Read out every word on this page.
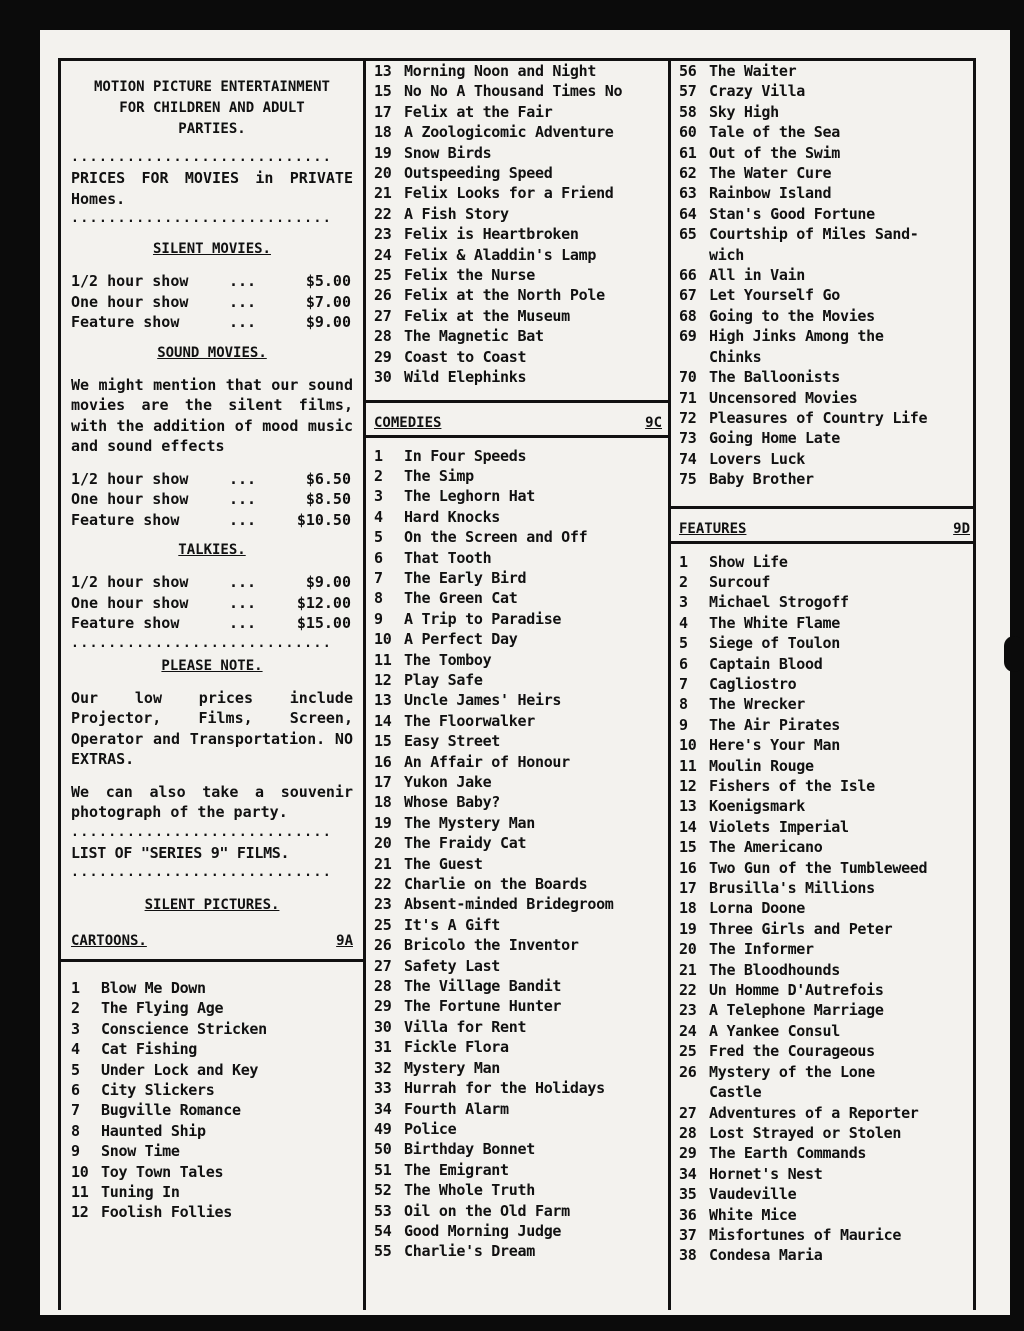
MOTION PICTURE ENTERTAINMENT
FOR CHILDREN AND ADULT
PARTIES.
............................
PRICES FOR MOVIES in PRIVATE Homes.
............................
SILENT MOVIES.
1/2 hour show	...	$5.00
One hour show	...	$7.00
Feature show	...	$9.00
SOUND MOVIES.
We might mention that our sound movies are the silent films, with the addition of mood music and sound effects
1/2 hour show	...	$6.50
One hour show	...	$8.50
Feature show	...	$10.50
TALKIES.
1/2 hour show	...	$9.00
One hour show	...	$12.00
Feature show	...	$15.00
............................
PLEASE NOTE.
Our low prices include Projector, Films, Screen, Operator and Transportation. NO EXTRAS.
We can also take a souvenir photograph of the party.
............................
LIST OF "SERIES 9" FILMS.
............................
SILENT PICTURES.
CARTOONS.	9A
1	Blow Me Down
2	The Flying Age
3	Conscience Stricken
4	Cat Fishing
5	Under Lock and Key
6	City Slickers
7	Bugville Romance
8	Haunted Ship
9	Snow Time
10 Toy Town Tales
11 Tuning In
12 Foolish Follies
13 Morning Noon and Night
15 No No A Thousand Times No
17 Felix at the Fair
18 A Zoologicomic Adventure
19 Snow Birds
20 Outspeeding Speed
21 Felix Looks for a Friend
22 A Fish Story
23 Felix is Heartbroken
24 Felix & Aladdin's Lamp
25 Felix the Nurse
26 Felix at the North Pole
27 Felix at the Museum
28 The Magnetic Bat
29 Coast to Coast
30 Wild Elephinks
COMEDIES	9C
1	In Four Speeds
2	The Simp
3	The Leghorn Hat
4	Hard Knocks
5	On the Screen and Off
6	That Tooth
7	The Early Bird
8	The Green Cat
9	A Trip to Paradise
10 A Perfect Day
11 The Tomboy
12 Play Safe
13 Uncle James' Heirs
14 The Floorwalker
15 Easy Street
16 An Affair of Honour
17 Yukon Jake
18 Whose Baby?
19 The Mystery Man
20 The Fraidy Cat
21 The Guest
22 Charlie on the Boards
23 Absent-minded Bridegroom
25 It's A Gift
26 Bricolo the Inventor
27 Safety Last
28 The Village Bandit
29 The Fortune Hunter
30 Villa for Rent
31 Fickle Flora
32 Mystery Man
33 Hurrah for the Holidays
34 Fourth Alarm
49 Police
50 Birthday Bonnet
51 The Emigrant
52 The Whole Truth
53 Oil on the Old Farm
54 Good Morning Judge
55 Charlie's Dream
56 The Waiter
57 Crazy Villa
58 Sky High
60 Tale of the Sea
61 Out of the Swim
62 The Water Cure
63 Rainbow Island
64 Stan's Good Fortune
65 Courtship of Miles Sand-
wich
66 All in Vain
67 Let Yourself Go
68 Going to the Movies
69 High Jinks Among the
Chinks
70 The Balloonists
71 Uncensored Movies
72 Pleasures of Country Life
73 Going Home Late
74 Lovers Luck
75 Baby Brother
FEATURES	9D
1	Show Life
2	Surcouf
3	Michael Strogoff
4	The White Flame
5	Siege of Toulon
6	Captain Blood
7	Cagliostro
8	The Wrecker
9	The Air Pirates
10 Here's Your Man
11 Moulin Rouge
12 Fishers of the Isle
13 Koenigsmark
14 Violets Imperial
15 The Americano
16 Two Gun of the Tumbleweed
17 Brusilla's Millions
18 Lorna Doone
19 Three Girls and Peter
20 The Informer
21 The Bloodhounds
22 Un Homme D'Autrefois
23 A Telephone Marriage
24 A Yankee Consul
25 Fred the Courageous
26 Mystery of the Lone
Castle
27 Adventures of a Reporter
28 Lost Strayed or Stolen
29 The Earth Commands
34 Hornet's Nest
35 Vaudeville
36 White Mice
37 Misfortunes of Maurice
38 Condesa Maria
